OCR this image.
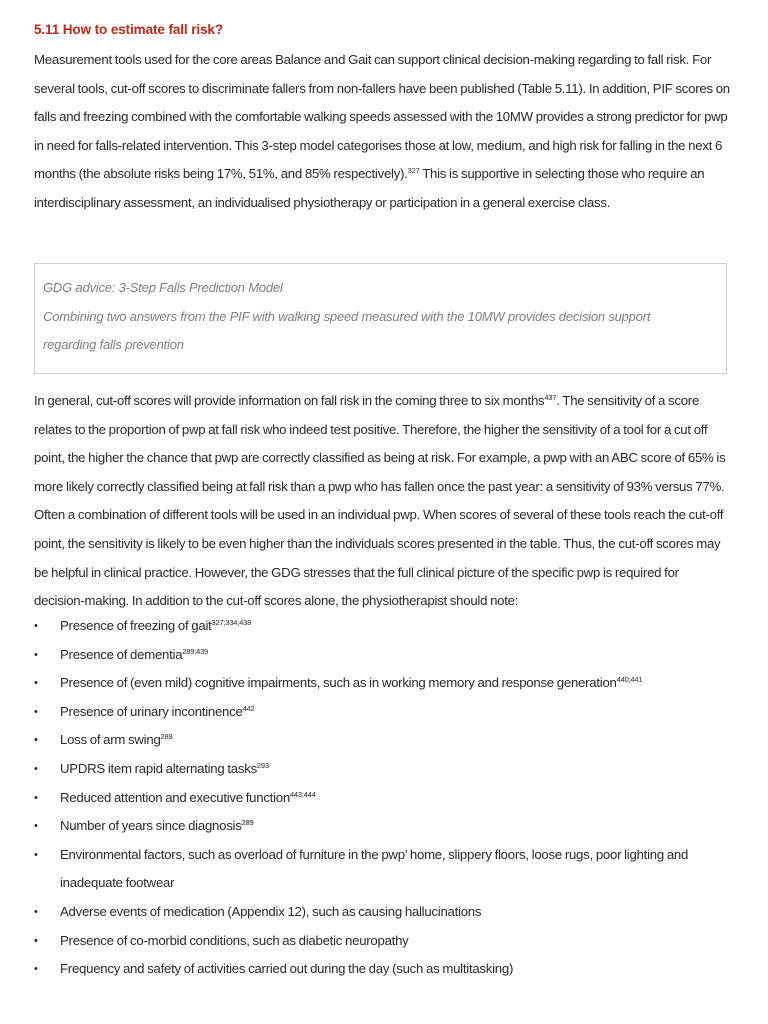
5.11 How to estimate fall risk?

Measurement tools used for the core areas Balance and Gait can support clinical decision-making regarding to fall risk. For several tools, cut-off scores to discriminate fallers from non-fallers have been published (Table 5.11). In addition, PIF scores on falls and freezing combined with the comfortable walking speeds assessed with the 10MW provides a strong predictor for pwp in need for falls-related intervention. This 3-step model categorises those at low, medium, and high risk for falling in the next 6 months (the absolute risks being 17%, 51%, and 85% respectively).$^{327}$ This is supportive in selecting those who require an interdisciplinary assessment, an individualised physiotherapy or participation in a general exercise class.

GDG advice: 3-Step Falls Prediction Model
Combining two answers from the PIF with walking speed measured with the 10MW provides decision support
regarding falls prevention

In general, cut-off scores will provide information on fall risk in the coming three to six months$^{437}$. The sensitivity of a score relates to the proportion of pwp at fall risk who indeed test positive. Therefore, the higher the sensitivity of a tool for a cut off point, the higher the chance that pwp are correctly classified as being at risk. For example, a pwp with an ABC score of 65% is more likely correctly classified being at fall risk than a pwp who has fallen once the past year: a sensitivity of 93% versus 77%. Often a combination of different tools will be used in an individual pwp. When scores of several of these tools reach the cut-off point, the sensitivity is likely to be even higher than the individuals scores presented in the table. Thus, the cut-off scores may be helpful in clinical practice. However, the GDG stresses that the full clinical picture of the specific pwp is required for decision-making. In addition to the cut-off scores alone, the physiotherapist should note:

• Presence of freezing of gait$^{327;334;438}$
• Presence of dementia$^{289;439}$
• Presence of (even mild) cognitive impairments, such as in working memory and response generation$^{440;441}$
• Presence of urinary incontinence$^{442}$
• Loss of arm swing$^{289}$
• UPDRS item rapid alternating tasks$^{293}$
• Reduced attention and executive function$^{443;444}$
• Number of years since diagnosis$^{289}$
• Environmental factors, such as overload of furniture in the pwp’ home, slippery floors, loose rugs, poor lighting and inadequate footwear
• Adverse events of medication (Appendix 12), such as causing hallucinations
• Presence of co-morbid conditions, such as diabetic neuropathy
• Frequency and safety of activities carried out during the day (such as multitasking)
